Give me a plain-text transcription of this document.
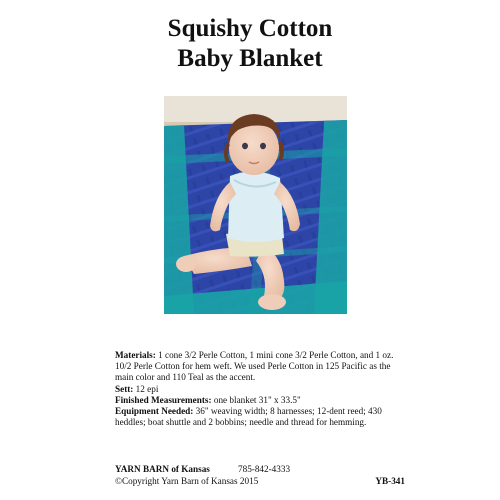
Squishy Cotton
Baby Blanket

Materials: 1 cone 3/2 Perle Cotton, 1 mini cone 3/2 Perle Cotton, and 1 oz. 10/2 Perle Cotton for hem weft. We used Perle Cotton in 125 Pacific as the main color and 110 Teal as the accent.

Sett: 12 epi

Finished Measurements: one blanket 31" x 33.5"

Equipment Needed: 36" weaving width; 8 harnesses; 12-dent reed; 430 heddles; boat shuttle and 2 bobbins; needle and thread for hemming.

YARN BARN of Kansas	785-842-4333
©Copyright Yarn Barn of Kansas 2015	YB-341
